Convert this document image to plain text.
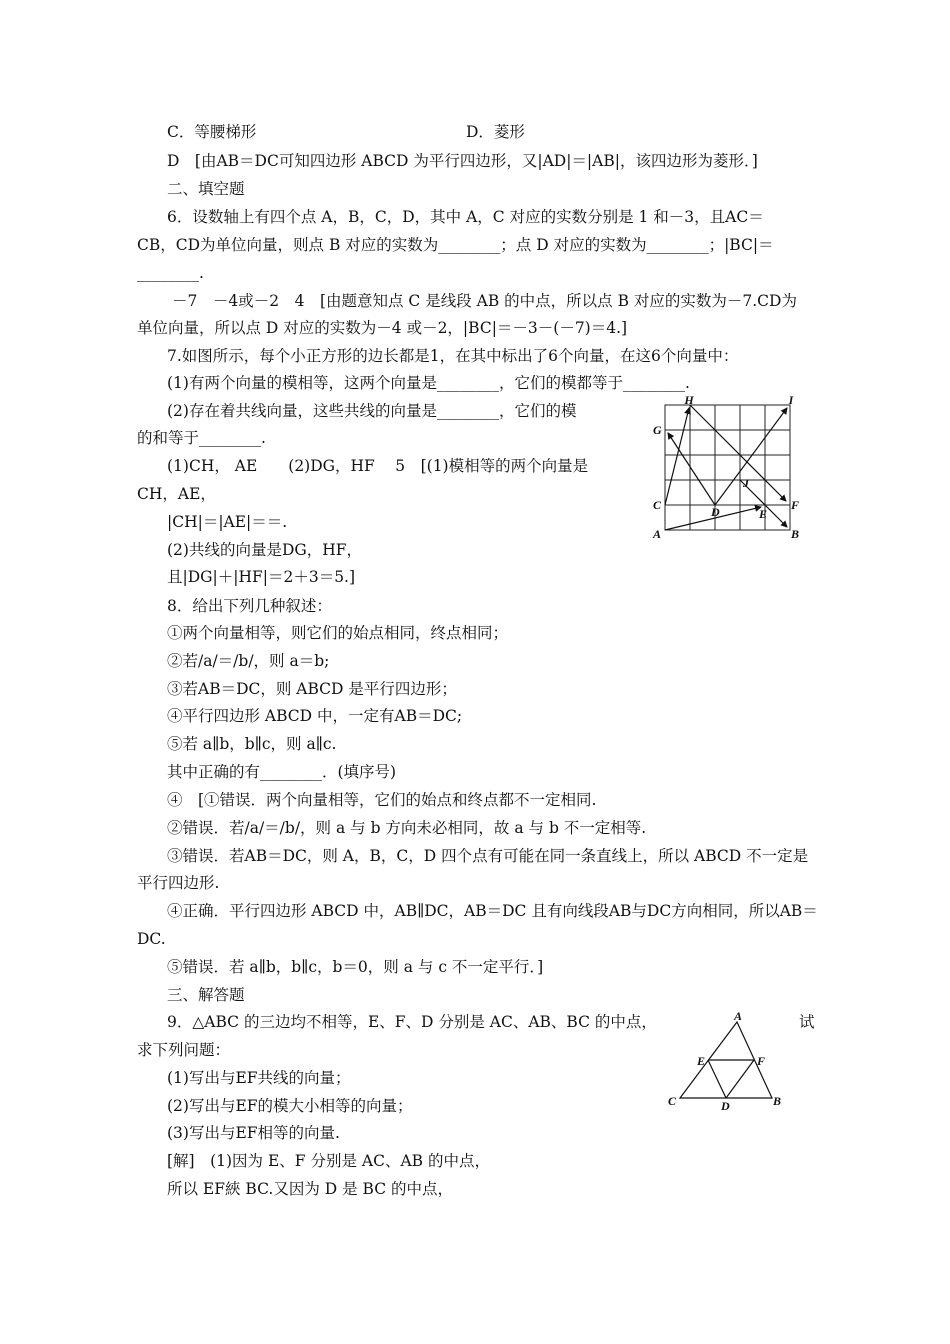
C．等腰梯形	D．菱形
D　[由AB＝DC可知四边形 ABCD 为平行四边形，又|AD|＝|AB|，该四边形为菱形．]
二、填空题
6．设数轴上有四个点 A，B，C，D，其中 A，C 对应的实数分别是 1 和－3，且AC＝
CB，CD为单位向量，则点 B 对应的实数为________；点 D 对应的实数为________；|BC|＝
________.
－7　－4或－2　4　[由题意知点 C 是线段 AB 的中点，所以点 B 对应的实数为－7.CD为
单位向量，所以点 D 对应的实数为－4 或－2，|BC|＝－3－(－7)＝4.]
7.如图所示，每个小正方形的边长都是1，在其中标出了6个向量，在这6个向量中：
(1)有两个向量的模相等，这两个向量是________，它们的模都等于________.
(2)存在着共线向量，这些共线的向量是________，它们的模
的和等于________.
(1)CH， AE　　(2)DG，HF　 5　[(1)模相等的两个向量是
CH，AE，
|CH|＝|AE|＝＝.
(2)共线的向量是DG，HF，
且|DG|＋|HF|＝2＋3＝5.]
8．给出下列几种叙述：
①两个向量相等，则它们的始点相同，终点相同；
②若/a/＝/b/，则 a＝b;
③若AB＝DC，则 ABCD 是平行四边形；
④平行四边形 ABCD 中，一定有AB＝DC;
⑤若 a∥b，b∥c，则 a∥c.
其中正确的有________．(填序号)
④　[①错误．两个向量相等，它们的始点和终点都不一定相同.
②错误．若/a/＝/b/，则 a 与 b 方向未必相同，故 a 与 b 不一定相等.
③错误．若AB＝DC，则 A，B，C，D 四个点有可能在同一条直线上，所以 ABCD 不一定是
平行四边形.
④正确．平行四边形 ABCD 中，AB∥DC，AB＝DC 且有向线段AB与DC方向相同，所以AB＝
DC.
⑤错误．若 a∥b，b∥c，b＝0，则 a 与 c 不一定平行．]
三、解答题
9．△ABC 的三边均不相等，E、F、D 分别是 AC、AB、BC 的中点，	试
求下列问题：
(1)写出与EF共线的向量；
(2)写出与EF的模大小相等的向量；
(3)写出与EF相等的向量.
[解]　(1)因为 E、F 分别是 AC、AB 的中点，
所以 EF綊 BC.又因为 D 是 BC 的中点，
H	I
G
J
C	D	E
F
A	B
A
E	F
C	D	B
